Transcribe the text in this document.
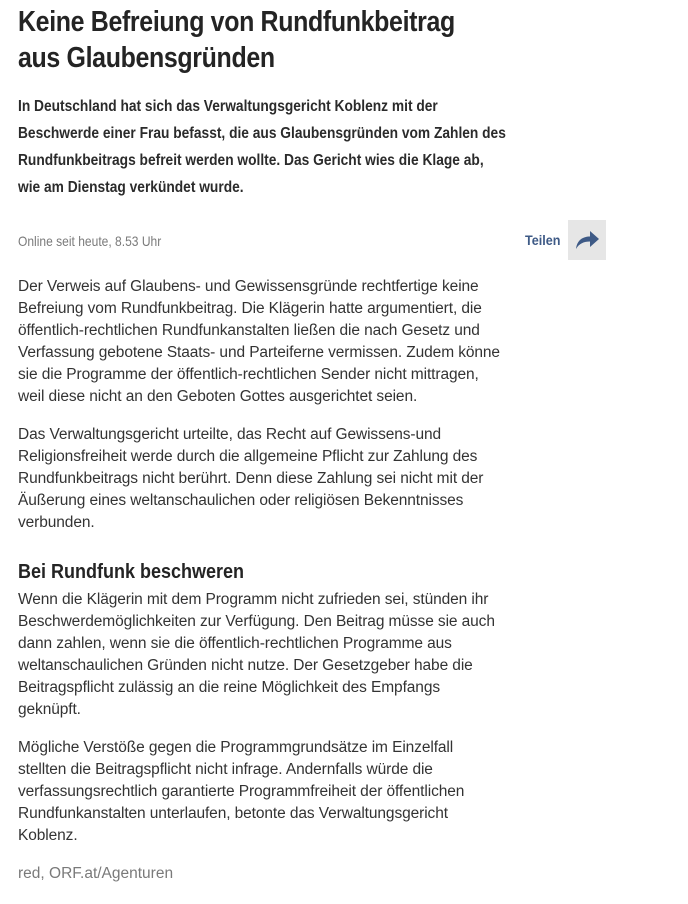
Keine Befreiung von Rundfunkbeitrag
aus Glaubensgründen

In Deutschland hat sich das Verwaltungsgericht Koblenz mit der
Beschwerde einer Frau befasst, die aus Glaubensgründen vom Zahlen des
Rundfunkbeitrags befreit werden wollte. Das Gericht wies die Klage ab,
wie am Dienstag verkündet wurde.

Online seit heute, 8.53 Uhr	Teilen

Der Verweis auf Glaubens- und Gewissensgründe rechtfertige keine
Befreiung vom Rundfunkbeitrag. Die Klägerin hatte argumentiert, die
öffentlich-rechtlichen Rundfunkanstalten ließen die nach Gesetz und
Verfassung gebotene Staats- und Parteiferne vermissen. Zudem könne
sie die Programme der öffentlich-rechtlichen Sender nicht mittragen,
weil diese nicht an den Geboten Gottes ausgerichtet seien.

Das Verwaltungsgericht urteilte, das Recht auf Gewissens-und
Religionsfreiheit werde durch die allgemeine Pflicht zur Zahlung des
Rundfunkbeitrags nicht berührt. Denn diese Zahlung sei nicht mit der
Äußerung eines weltanschaulichen oder religiösen Bekenntnisses
verbunden.

Bei Rundfunk beschweren

Wenn die Klägerin mit dem Programm nicht zufrieden sei, stünden ihr
Beschwerdemöglichkeiten zur Verfügung. Den Beitrag müsse sie auch
dann zahlen, wenn sie die öffentlich-rechtlichen Programme aus
weltanschaulichen Gründen nicht nutze. Der Gesetzgeber habe die
Beitragspflicht zulässig an die reine Möglichkeit des Empfangs
geknüpft.

Mögliche Verstöße gegen die Programmgrundsätze im Einzelfall
stellten die Beitragspflicht nicht infrage. Andernfalls würde die
verfassungsrechtlich garantierte Programmfreiheit der öffentlichen
Rundfunkanstalten unterlaufen, betonte das Verwaltungsgericht
Koblenz.

red, ORF.at/Agenturen
